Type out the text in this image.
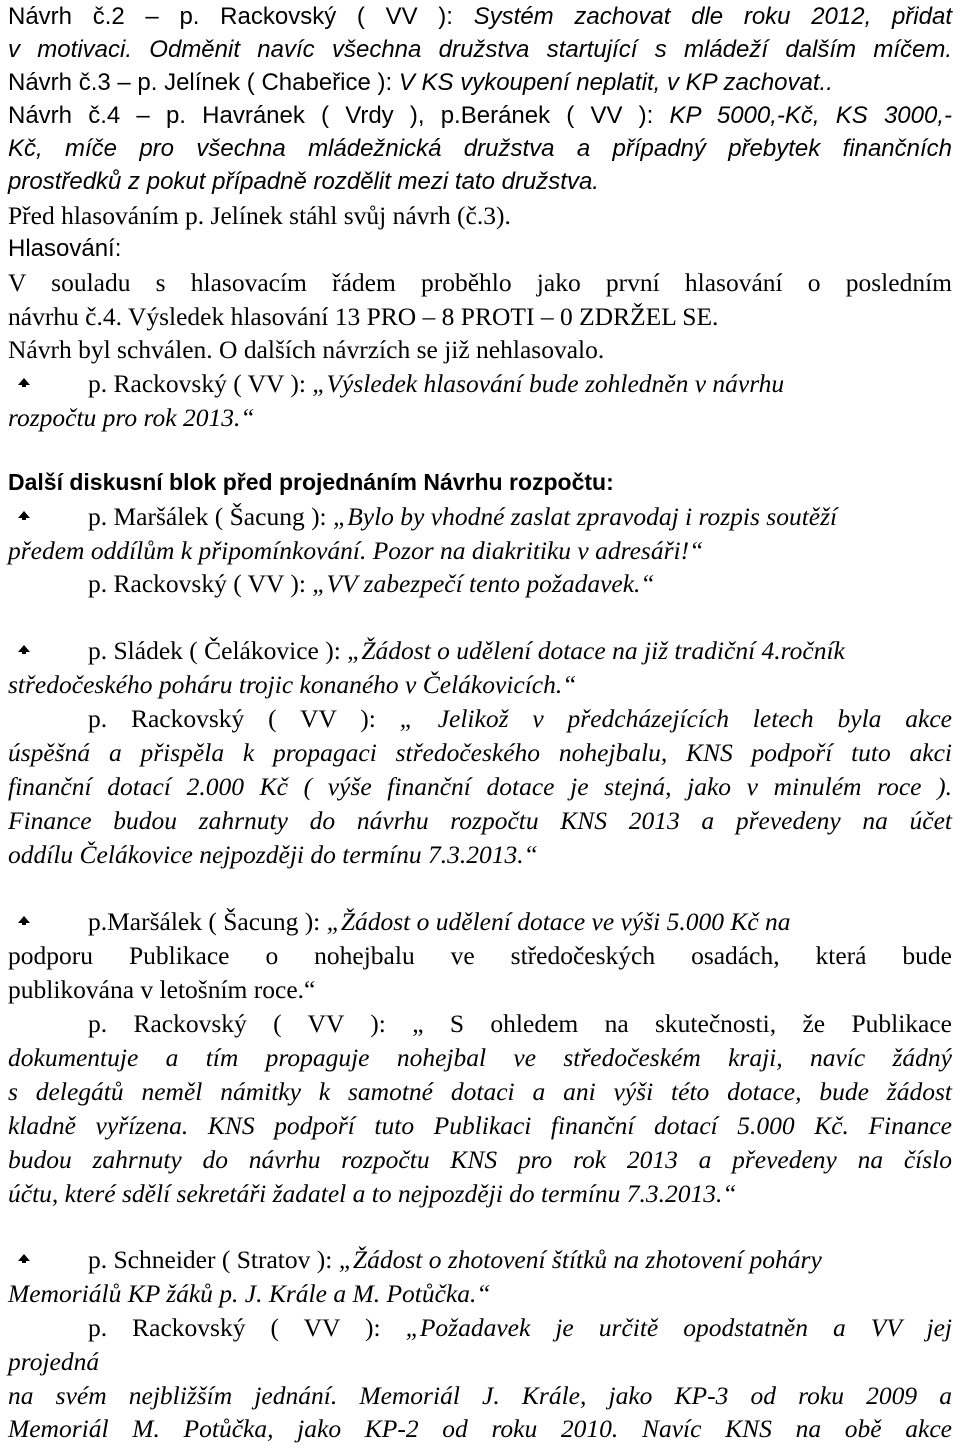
Návrh č.2 – p. Rackovský ( VV ): Systém zachovat dle roku 2012, přidat
v motivaci. Odměnit navíc všechna družstva startující s mládeží dalším míčem.
Návrh č.3 – p. Jelínek ( Chabeřice ): V KS vykoupení neplatit, v KP zachovat..
Návrh č.4 – p. Havránek ( Vrdy ), p.Beránek ( VV ): KP 5000,-Kč, KS 3000,-
Kč, míče pro všechna mládežnická družstva a případný přebytek finančních
prostředků z pokut případně rozdělit mezi tato družstva.
Před hlasováním p. Jelínek stáhl svůj návrh (č.3).
Hlasování:
V souladu s hlasovacím řádem proběhlo jako první hlasování o posledním
návrhu č.4. Výsledek hlasování 13 PRO – 8 PROTI – 0 ZDRŽEL SE.
Návrh byl schválen. O dalších návrzích se již nehlasovalo.
p. Rackovský ( VV ): „Výsledek hlasování bude zohledněn v návrhu
rozpočtu pro rok 2013.“
Další diskusní blok před projednáním Návrhu rozpočtu:
p. Maršálek ( Šacung ): „Bylo by vhodné zaslat zpravodaj i rozpis soutěží
předem oddílům k připomínkování. Pozor na diakritiku v adresáři!“
p. Rackovský ( VV ): „VV zabezpečí tento požadavek.“
p. Sládek ( Čelákovice ): „Žádost o udělení dotace na již tradiční 4.ročník
středočeského poháru trojic konaného v Čelákovicích.“
p. Rackovský ( VV ): „ Jelikož v předcházejících letech byla akce
úspěšná a přispěla k propagaci středočeského nohejbalu, KNS podpoří tuto akci
finanční dotací 2.000 Kč ( výše finanční dotace je stejná, jako v minulém roce ).
Finance budou zahrnuty do návrhu rozpočtu KNS 2013 a převedeny na účet
oddílu Čelákovice nejpozději do termínu 7.3.2013.“
p.Maršálek ( Šacung ): „Žádost o udělení dotace ve výši 5.000 Kč na
podporu Publikace o nohejbalu ve středočeských osadách, která bude
publikována v letošním roce.“
p. Rackovský ( VV ): „ S ohledem na skutečnosti, že Publikace
dokumentuje a tím propaguje nohejbal ve středočeském kraji, navíc žádný
s delegátů neměl námitky k samotné dotaci a ani výši této dotace, bude žádost
kladně vyřízena. KNS podpoří tuto Publikaci finanční dotací 5.000 Kč. Finance
budou zahrnuty do návrhu rozpočtu KNS pro rok 2013 a převedeny na číslo
účtu, které sdělí sekretáři žadatel a to nejpozději do termínu 7.3.2013.“
p. Schneider ( Stratov ): „Žádost o zhotovení štítků na zhotovení poháry
Memoriálů KP žáků p. J. Krále a M. Potůčka.“
p. Rackovský ( VV ): „Požadavek je určitě opodstatněn a VV jej
projedná
na svém nejbližším jednání. Memoriál J. Krále, jako KP-3 od roku 2009 a
Memoriál M. Potůčka, jako KP-2 od roku 2010. Navíc KNS na obě akce
